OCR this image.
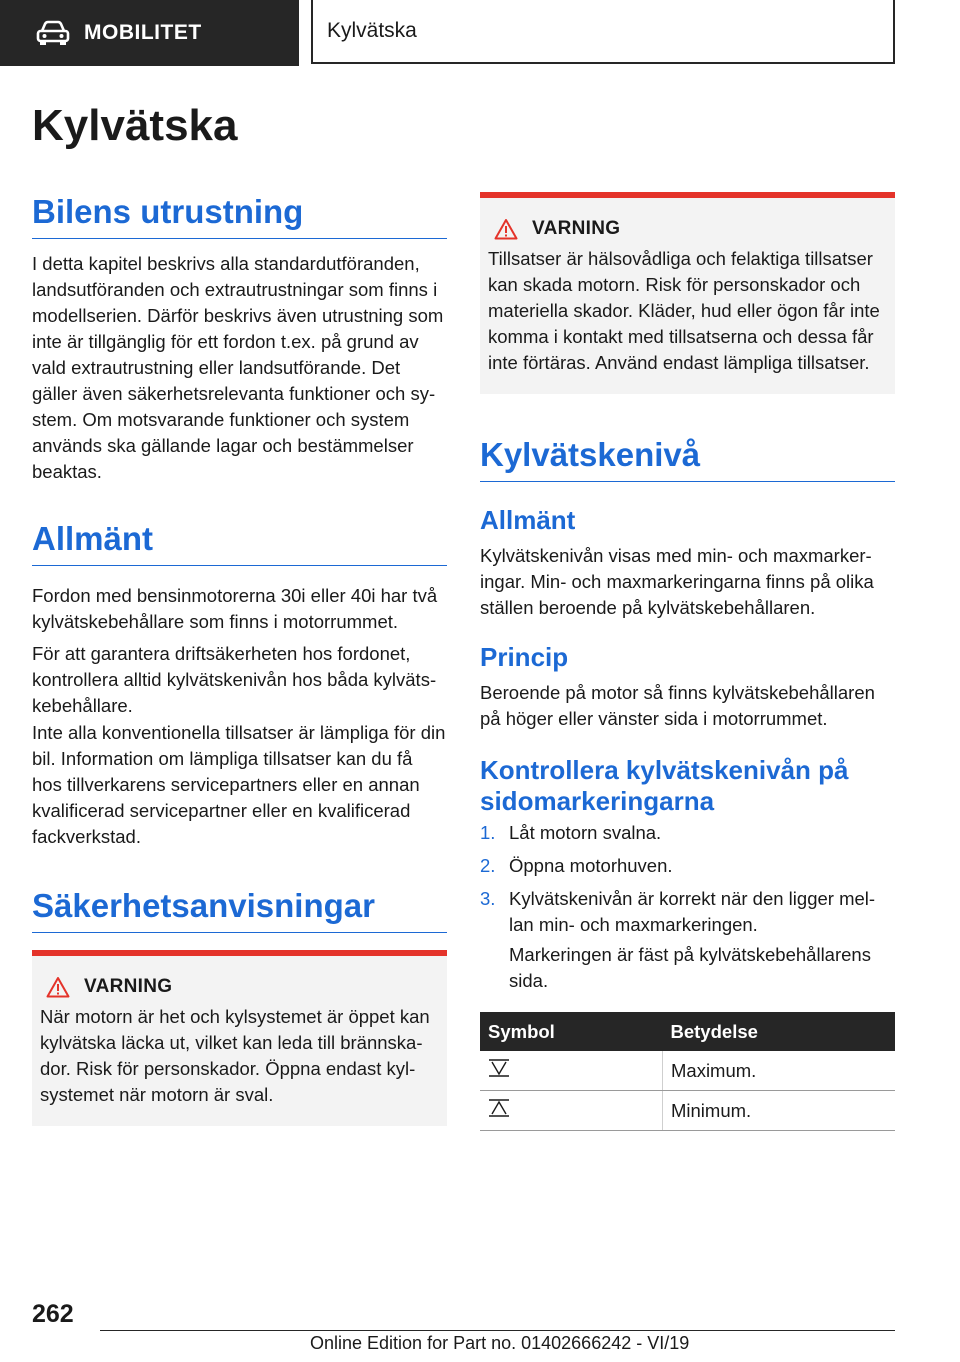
MOBILITET	Kylvätska
Kylvätska
Bilens utrustning

I detta kapitel beskrivs alla standardutföranden, landsutföranden och extrautrustningar som finns i modellserien. Därför beskrivs även utrustning som inte är tillgänglig för ett fordon t.ex. på grund av vald extrautrustning eller landsutförande. Det gäller även säkerhetsrelevanta funktioner och sy-stem. Om motsvarande funktioner och system används ska gällande lagar och bestämmelser beaktas.

Allmänt

Fordon med bensinmotorerna 30i eller 40i har två kylvätskebehållare som finns i motorrummet.

För att garantera driftsäkerheten hos fordonet, kontrollera alltid kylvätskenivån hos båda kylväts-kebehållare.

Inte alla konventionella tillsatser är lämpliga för din bil. Information om lämpliga tillsatser kan du få hos tillverkarens servicepartners eller en annan kvalificerad servicepartner eller en kvalificerad fackverkstad.

Säkerhetsanvisningar
VARNING
När motorn är het och kylsystemet är öppet kan kylvätska läcka ut, vilket kan leda till brännska-dor. Risk för personskador. Öppna endast kyl-systemet när motorn är sval.
VARNING
Tillsatser är hälsovådliga och felaktiga tillsatser kan skada motorn. Risk för personskador och materiella skador. Kläder, hud eller ögon får inte komma i kontakt med tillsatserna och dessa får inte förtäras. Använd endast lämpliga tillsatser.
Kylvätskenivå
Allmänt

Kylvätskenivån visas med min- och maxmarker-ingar. Min- och maxmarkeringarna finns på olika ställen beroende på kylvätskebehållaren.

Princip

Beroende på motor så finns kylvätskebehållaren på höger eller vänster sida i motorrummet.

Kontrollera kylvätskenivån på sidomarkeringarna
1. Låt motorn svalna.
2. Öppna motorhuven.
3. Kylvätskenivån är korrekt när den ligger mel-lan min- och maxmarkeringen.

Markeringen är fäst på kylvätskebehållarens sida.

Symbol	Betydelse
	Maximum.
	Minimum.
262
Online Edition for Part no. 01402666242 - VI/19
